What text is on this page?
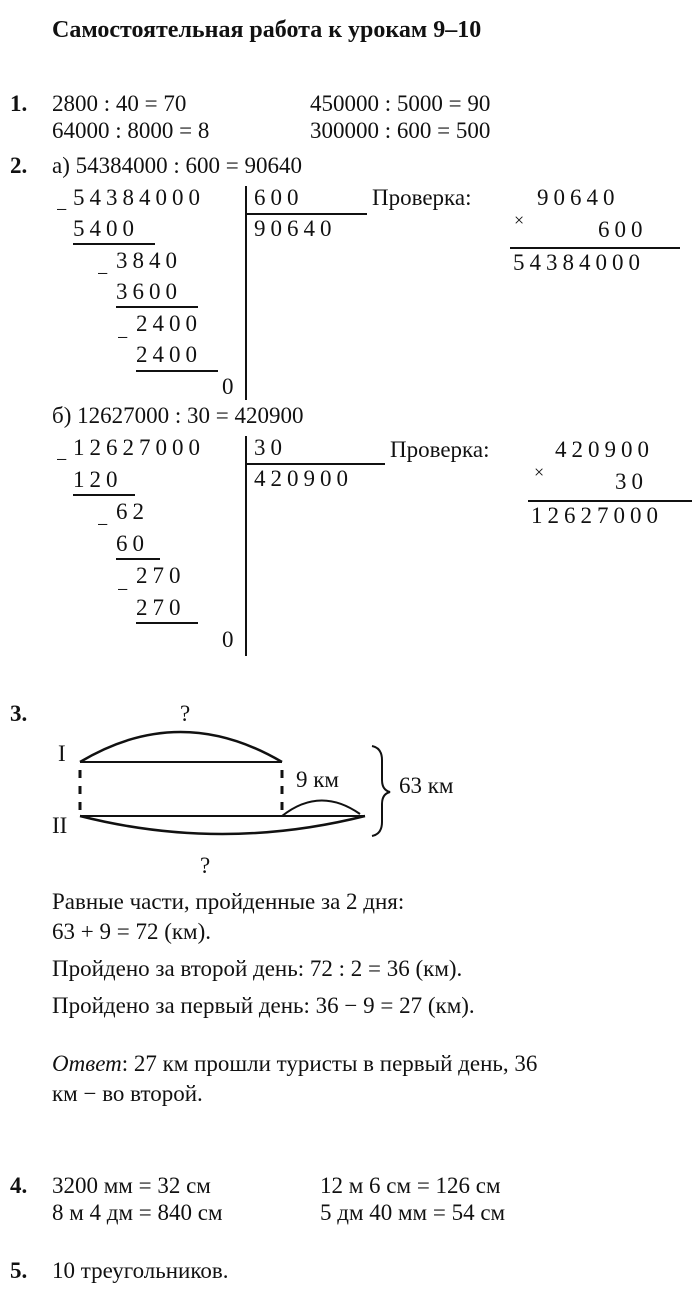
Самостоятельная работа к урокам 9–10
1. 2800 : 40 = 70	450000 : 5000 = 90
64000 : 8000 = 8	300000 : 600 = 500
2. а) 54384000 : 600 = 90640
− 54384000 600
90640
5400
−
3840
3600
−
2400
2400
0
Проверка:	90640
×	600
54384000
б) 12627000 : 30 = 420900
− 12627000 30
420900
120
−
62
60
−
270
270
0
Проверка:	420900
×	30
12627000
3.	?
I
II
9 км	63 км
?
Равные части, пройденные за 2 дня:
63 + 9 = 72 (км).
Пройдено за второй день: 72 : 2 = 36 (км).
Пройдено за первый день: 36 − 9 = 27 (км).
Ответ: 27 км прошли туристы в первый день, 36
км − во второй.
4. 3200 мм = 32 см	12 м 6 см = 126 см
8 м 4 дм = 840 см	5 дм 40 мм = 54 см
5. 10 треугольников.
